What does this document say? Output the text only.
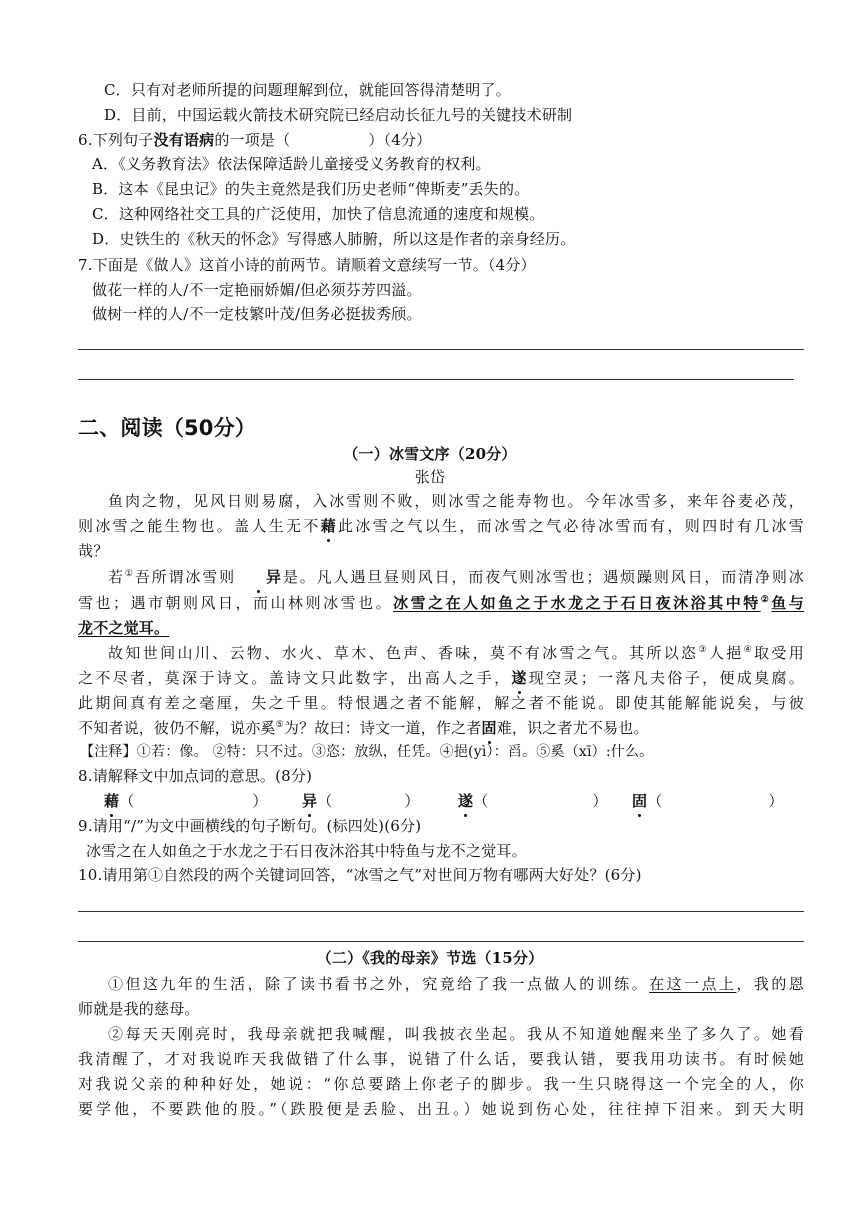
C．只有对老师所提的问题理解到位，就能回答得清楚明了。
D．目前，中国运载火箭技术研究院已经启动长征九号的关键技术研制
6.下列句子没有语病的一项是（	）（4分）
A．《义务教育法》依法保障适龄儿童接受义务教育的权利。
B．这本《昆虫记》的失主竟然是我们历史老师“俾斯麦”丢失的。
C．这种网络社交工具的广泛使用，加快了信息流通的速度和规模。
D．史铁生的《秋天的怀念》写得感人肺腑，所以这是作者的亲身经历。
7.下面是《做人》这首小诗的前两节。请顺着文意续写一节。（4分）
做花一样的人/不一定艳丽娇媚/但必须芬芳四溢。
做树一样的人/不一定枝繁叶茂/但务必挺拔秀颀。
二、阅读（50分）
（一）冰雪文序（20分）
张岱
鱼肉之物，见风日则易腐，入冰雪则不败，则冰雪之能寿物也。今年冰雪多，来年谷麦必茂，
则冰雪之能生物也。盖人生无不藉此冰雪之气以生，而冰雪之气必待冰雪而有，则四时有几冰雪
哉？
若①吾所谓冰雪则 异是。凡人遇旦昼则风日，而夜气则冰雪也；遇烦躁则风日，而清净则冰
雪也；遇市朝则风日，而山林则冰雪也。冰雪之在人如鱼之于水龙之于石日夜沐浴其中特②鱼与
龙不之觉耳。
故知世间山川、云物、水火、草木、色声、香味，莫不有冰雪之气。其所以恣③人挹④取受用
之不尽者，莫深于诗文。盖诗文只此数字，出高人之手，遂现空灵；一落凡夫俗子，便成臭腐。
此期间真有差之毫厘，失之千里。特恨遇之者不能解，解之者不能说。即使其能解能说矣，与彼
不知者说，彼仍不解，说亦奚⑤为？故曰：诗文一道，作之者固难，识之者尤不易也。
【注释】①若：像。 ②特：只不过。③恣：放纵，任凭。④挹(yì）：舀。⑤奚（xī）:什么。
8.请解释文中加点词的意思。(8分)
藉（	） 异（	）	遂（	） 固（	）
9.请用“/”为文中画横线的句子断句。(标四处)(6分)
冰雪之在人如鱼之于水龙之于石日夜沐浴其中特鱼与龙不之觉耳。
10.请用第①自然段的两个关键词回答，“冰雪之气”对世间万物有哪两大好处？(6分)
（二）《我的母亲》节选（15分）
①但这九年的生活，除了读书看书之外，究竟给了我一点做人的训练。在这一点上，我的恩
师就是我的慈母。
②每天天刚亮时，我母亲就把我喊醒，叫我披衣坐起。我从不知道她醒来坐了多久了。她看
我清醒了，才对我说昨天我做错了什么事，说错了什么话，要我认错，要我用功读书。有时候她
对我说父亲的种种好处，她说：“你总要踏上你老子的脚步。我一生只晓得这一个完全的人，你
要学他，不要跌他的股。”（跌股便是丢脸、出丑。）她说到伤心处，往往掉下泪来。到天大明
